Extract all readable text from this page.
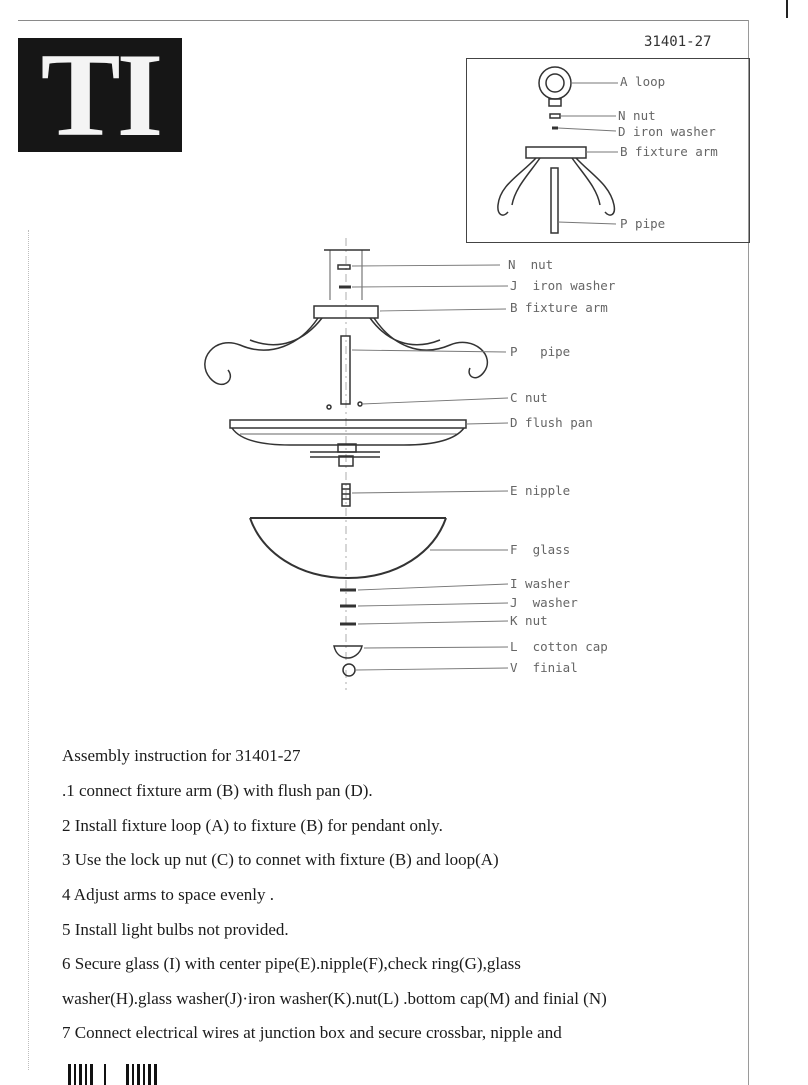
TI	31401-27
A loop
N nut
D iron washer
B fixture arm
P pipe
N  nut
J  iron washer
B fixture arm
P   pipe
C nut
D flush pan
E nipple
F  glass
I washer
J  washer
K nut
L  cotton cap
V  finial
Assembly instruction for 31401-27
.1 connect fixture arm (B) with flush pan (D).
2 Install fixture loop (A) to fixture (B) for pendant only.
3 Use the lock up nut (C) to connet with fixture (B) and loop(A)
4 Adjust arms to space evenly .
5 Install light bulbs not provided.
6 Secure glass (I) with center pipe(E).nipple(F),check ring(G),glass
washer(H).glass washer(J)·iron washer(K).nut(L) .bottom cap(M) and finial (N)
7 Connect electrical wires at junction box and secure crossbar, nipple and
